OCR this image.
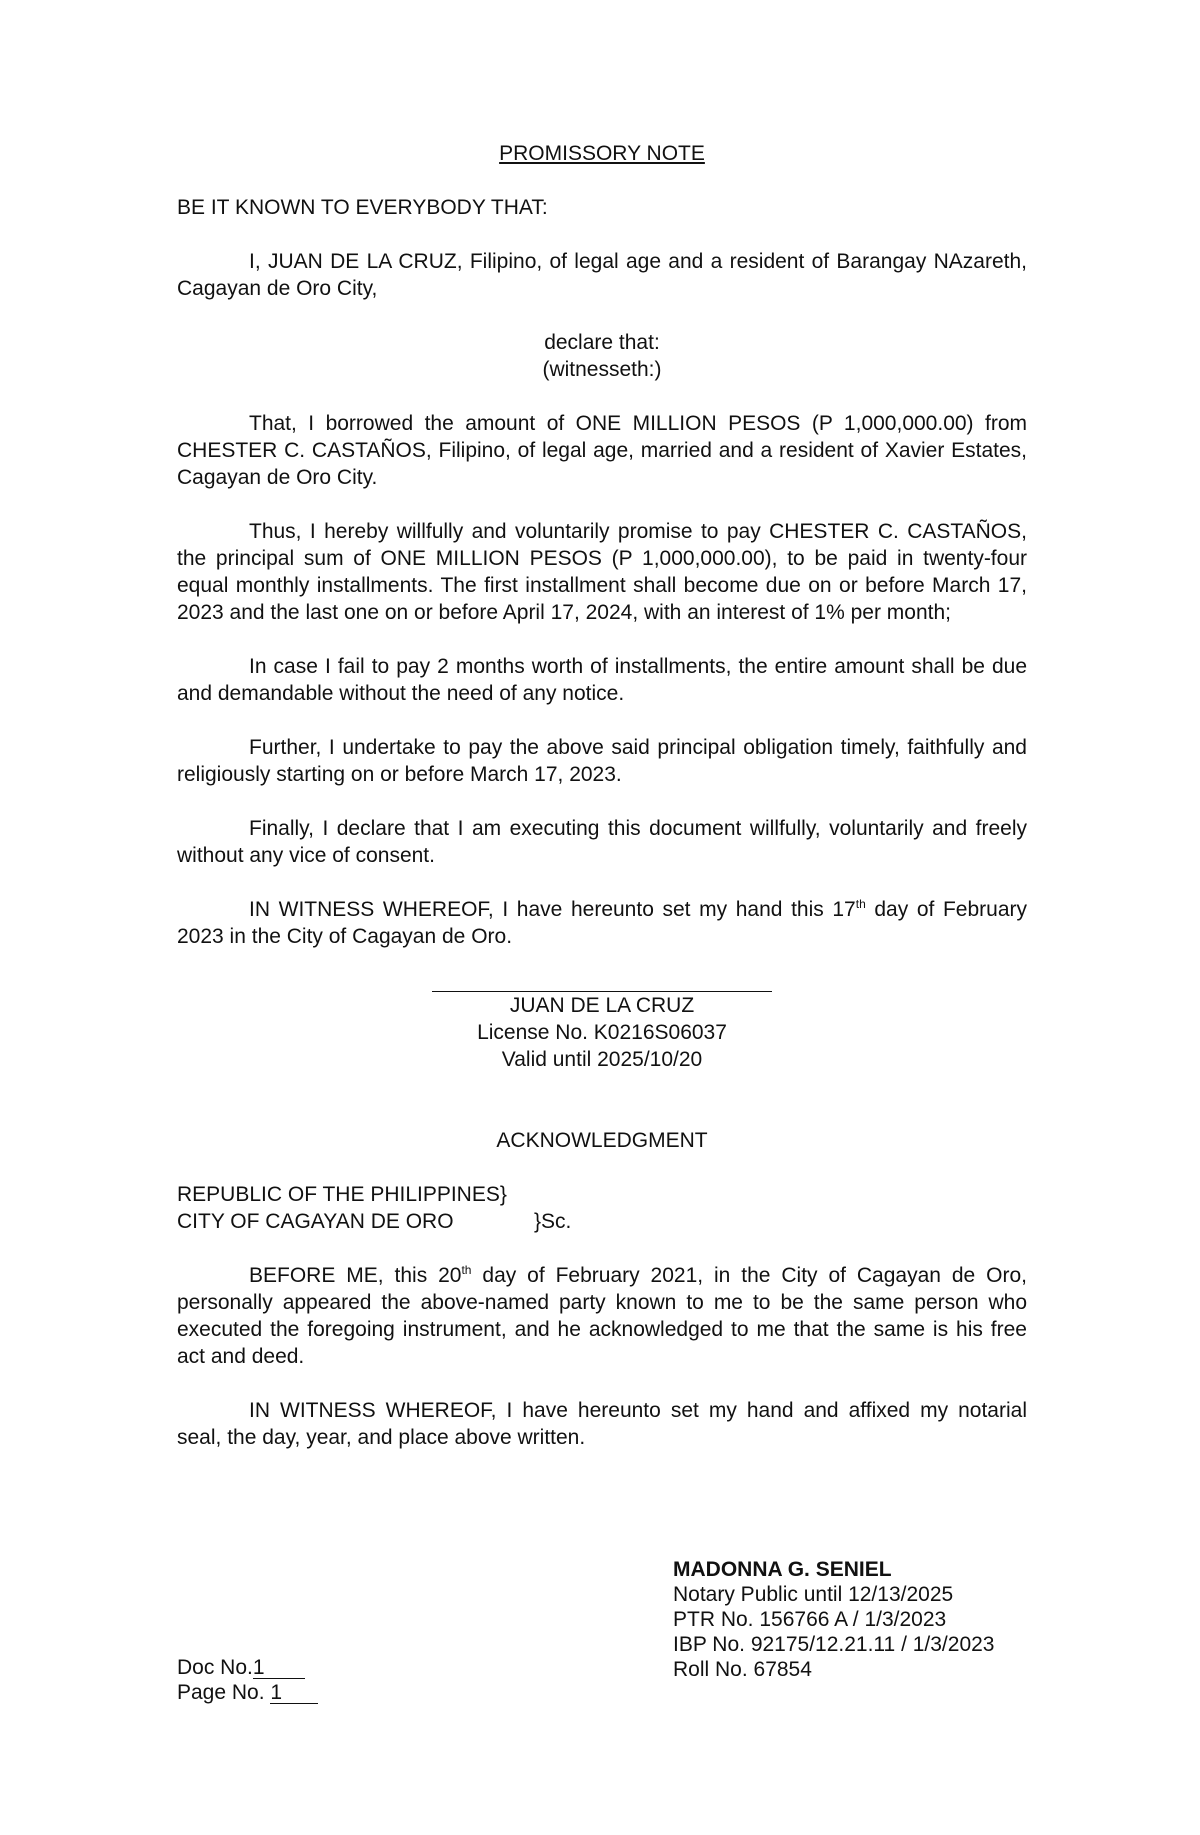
PROMISSORY NOTE

BE IT KNOWN TO EVERYBODY THAT:

I, JUAN DE LA CRUZ, Filipino, of legal age and a resident of Barangay NAzareth, Cagayan de Oro City,

declare that:

(witnesseth:)

That, I borrowed the amount of ONE MILLION PESOS (P 1,000,000.00) from CHESTER C. CASTAÑOS, Filipino, of legal age, married and a resident of Xavier Estates, Cagayan de Oro City.

Thus, I hereby willfully and voluntarily promise to pay CHESTER C. CASTAÑOS, the principal sum of ONE MILLION PESOS (P 1,000,000.00), to be paid in twenty-four equal monthly installments. The first installment shall become due on or before March 17, 2023 and the last one on or before April 17, 2024, with an interest of 1% per month;

In case I fail to pay 2 months worth of installments, the entire amount shall be due and demandable without the need of any notice.

Further, I undertake to pay the above said principal obligation timely, faithfully and religiously starting on or before March 17, 2023.

Finally, I declare that I am executing this document willfully, voluntarily and freely without any vice of consent.

IN WITNESS WHEREOF, I have hereunto set my hand this 17th day of February 2023 in the City of Cagayan de Oro.

JUAN DE LA CRUZ
License No. K0216S06037
Valid until 2025/10/20

ACKNOWLEDGMENT

REPUBLIC OF THE PHILIPPINES}

CITY OF CAGAYAN DE ORO	}Sc.

BEFORE ME, this 20th day of February 2021, in the City of Cagayan de Oro, personally appeared the above-named party known to me to be the same person who executed the foregoing instrument, and he acknowledged to me that the same is his free act and deed.

IN WITNESS WHEREOF, I have hereunto set my hand and affixed my notarial seal, the day, year, and place above written.

MADONNA G. SENIEL
Notary Public until 12/13/2025
PTR No. 156766 A / 1/3/2023
IBP No. 92175/12.21.11 / 1/3/2023
Roll No. 67854
Doc No.1
Page No. 1
